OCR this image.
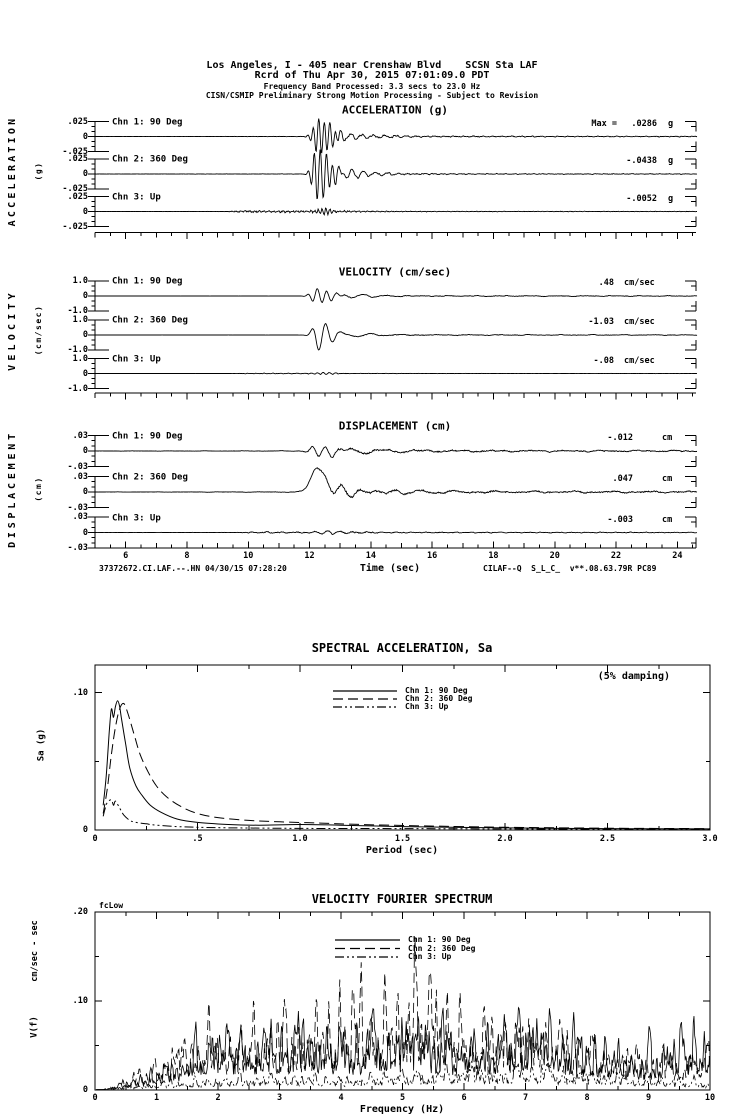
Los Angeles, I - 405 near Crenshaw Blvd    SCSN Sta LAF
Rcrd of Thu Apr 30, 2015 07:01:09.0 PDT
Frequency Band Processed: 3.3 secs to 23.0 Hz
CISN/CSMIP Preliminary Strong Motion Processing - Subject to Revision
37372672.CI.LAF.--.HN 04/30/15 07:28:20	CILAF--Q  S_L_C_  v**.08.63.79R PC89
ACCELERATION (g)
ACCELERATION (g)
.025
0
-.025
Chn 1: 90 Deg	Max = .0286 g
.025
0
-.025
Chn 2: 360 Deg	-.0438 g
.025
0
-.025
Chn 3: Up	-.0052 g
VELOCITY (cm/sec)
VELOCITY (cm/sec)
1.0
0
-1.0
Chn 1: 90 Deg	.48 cm/sec
1.0
0
-1.0
Chn 2: 360 Deg	-1.03 cm/sec
1.0
0
-1.0
Chn 3: Up	-.08 cm/sec
DISPLACEMENT (cm)
DISPLACEMENT (cm)
6	8	10	12	14	16	18	20	22	24
Time (sec)
.03
0
-.03
Chn 1: 90 Deg	-.012	cm
.03
0
-.03
Chn 2: 360 Deg	.047	cm
.03
0
-.03
Chn 3: Up	-.003	cm
SPECTRAL ACCELERATION, Sa
(5% damping)
Sa (g)
.10
0
0	.5	1.0	1.5	2.0	2.5	3.0
Period (sec)
Chn 1: 90 Deg
Chn 2: 360 Deg
Chn 3: Up
VELOCITY FOURIER SPECTRUM
fcLow
cm/sec - sec
V(f)
.20
.10
0
0	1	2	3	4	5	6	7	8	9	10
Frequency (Hz)
Chn 1: 90 Deg
Chn 2: 360 Deg
Chn 3: Up
